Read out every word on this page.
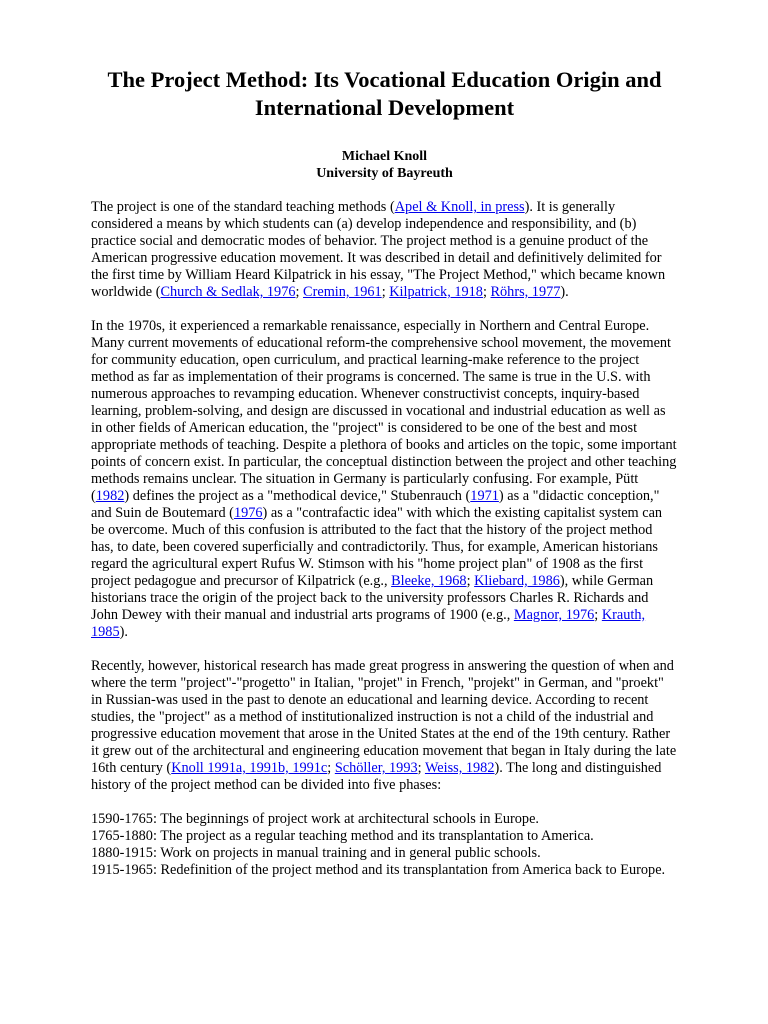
The Project Method: Its Vocational Education Origin and International Development
Michael Knoll
University of Bayreuth

The project is one of the standard teaching methods (Apel & Knoll, in press). It is generally considered a means by which students can (a) develop independence and responsibility, and (b) practice social and democratic modes of behavior. The project method is a genuine product of the American progressive education movement. It was described in detail and definitively delimited for the first time by William Heard Kilpatrick in his essay, "The Project Method," which became known worldwide (Church & Sedlak, 1976; Cremin, 1961; Kilpatrick, 1918; Röhrs, 1977).

In the 1970s, it experienced a remarkable renaissance, especially in Northern and Central Europe. Many current movements of educational reform-the comprehensive school movement, the movement for community education, open curriculum, and practical learning-make reference to the project method as far as implementation of their programs is concerned. The same is true in the U.S. with numerous approaches to revamping education. Whenever constructivist concepts, inquiry-based learning, problem-solving, and design are discussed in vocational and industrial education as well as in other fields of American education, the "project" is considered to be one of the best and most appropriate methods of teaching. Despite a plethora of books and articles on the topic, some important points of concern exist. In particular, the conceptual distinction between the project and other teaching methods remains unclear. The situation in Germany is particularly confusing. For example, Pütt (1982) defines the project as a "methodical device," Stubenrauch (1971) as a "didactic conception," and Suin de Boutemard (1976) as a "contrafactic idea" with which the existing capitalist system can be overcome. Much of this confusion is attributed to the fact that the history of the project method has, to date, been covered superficially and contradictorily. Thus, for example, American historians regard the agricultural expert Rufus W. Stimson with his "home project plan" of 1908 as the first project pedagogue and precursor of Kilpatrick (e.g., Bleeke, 1968; Kliebard, 1986), while German historians trace the origin of the project back to the university professors Charles R. Richards and John Dewey with their manual and industrial arts programs of 1900 (e.g., Magnor, 1976; Krauth, 1985).

Recently, however, historical research has made great progress in answering the question of when and where the term "project"-"progetto" in Italian, "projet" in French, "projekt" in German, and "proekt" in Russian-was used in the past to denote an educational and learning device. According to recent studies, the "project" as a method of institutionalized instruction is not a child of the industrial and progressive education movement that arose in the United States at the end of the 19th century. Rather it grew out of the architectural and engineering education movement that began in Italy during the late 16th century (Knoll 1991a, 1991b, 1991c; Schöller, 1993; Weiss, 1982). The long and distinguished history of the project method can be divided into five phases:

1590-1765: The beginnings of project work at architectural schools in Europe.
1765-1880: The project as a regular teaching method and its transplantation to America.
1880-1915: Work on projects in manual training and in general public schools.
1915-1965: Redefinition of the project method and its transplantation from America back to Europe.
